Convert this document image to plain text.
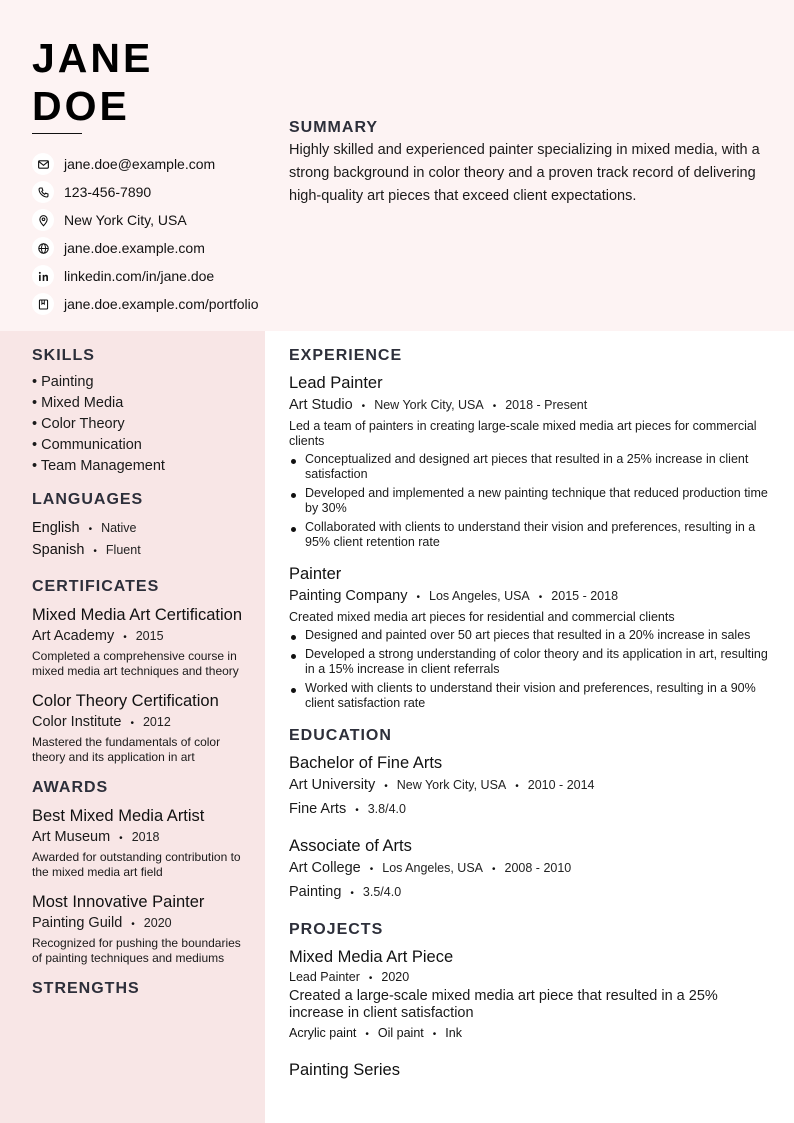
JANE
DOE
jane.doe@example.com
123-456-7890
New York City, USA
jane.doe.example.com
linkedin.com/in/jane.doe
jane.doe.example.com/portfolio
SUMMARY
Highly skilled and experienced painter specializing in mixed media, with a strong background in color theory and a proven track record of delivering high-quality art pieces that exceed client expectations.
SKILLS
• Painting
• Mixed Media
• Color Theory
• Communication
• Team Management
LANGUAGES
English • Native
Spanish • Fluent
CERTIFICATES
Mixed Media Art Certification
Art Academy • 2015
Completed a comprehensive course in mixed media art techniques and theory
Color Theory Certification
Color Institute • 2012
Mastered the fundamentals of color theory and its application in art
AWARDS
Best Mixed Media Artist
Art Museum • 2018
Awarded for outstanding contribution to the mixed media art field
Most Innovative Painter
Painting Guild • 2020
Recognized for pushing the boundaries of painting techniques and mediums
STRENGTHS
EXPERIENCE
Lead Painter
Art Studio • New York City, USA • 2018 - Present
Led a team of painters in creating large-scale mixed media art pieces for commercial clients
Conceptualized and designed art pieces that resulted in a 25% increase in client satisfaction
Developed and implemented a new painting technique that reduced production time by 30%
Collaborated with clients to understand their vision and preferences, resulting in a 95% client retention rate
Painter
Painting Company • Los Angeles, USA • 2015 - 2018
Created mixed media art pieces for residential and commercial clients
Designed and painted over 50 art pieces that resulted in a 20% increase in sales
Developed a strong understanding of color theory and its application in art, resulting in a 15% increase in client referrals
Worked with clients to understand their vision and preferences, resulting in a 90% client satisfaction rate
EDUCATION
Bachelor of Fine Arts
Art University • New York City, USA • 2010 - 2014
Fine Arts • 3.8/4.0
Associate of Arts
Art College • Los Angeles, USA • 2008 - 2010
Painting • 3.5/4.0
PROJECTS
Mixed Media Art Piece
Lead Painter • 2020
Created a large-scale mixed media art piece that resulted in a 25% increase in client satisfaction
Acrylic paint • Oil paint • Ink
Painting Series
